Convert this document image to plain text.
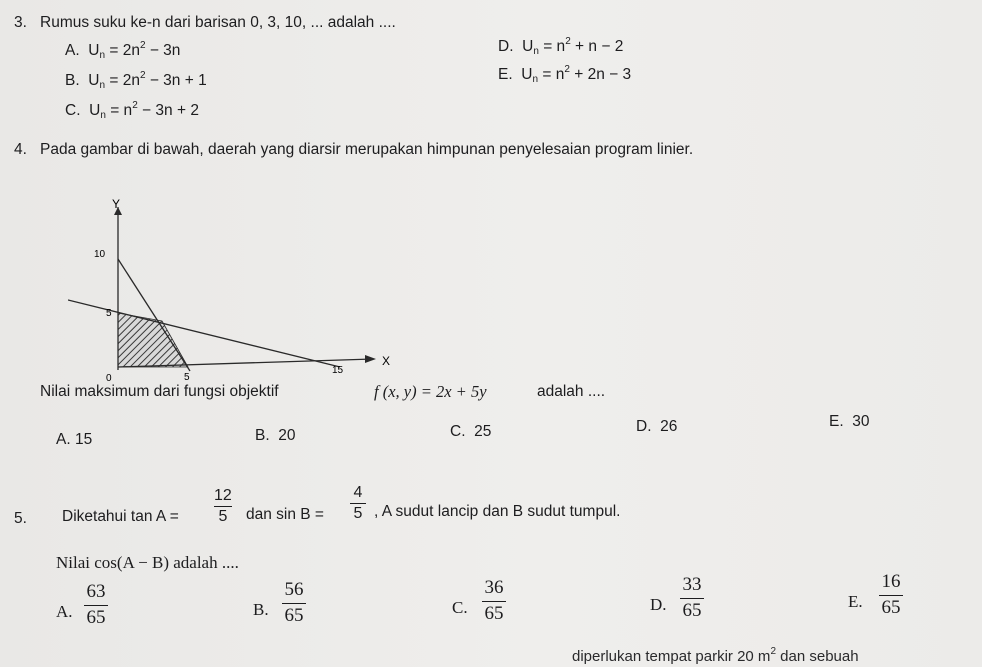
3. Rumus suku ke-n dari barisan 0, 3, 10, ... adalah ....
A. $U_n = 2n^2 - 3n$
B. $U_n = 2n^2 - 3n + 1$
C. $U_n = n^2 - 3n + 2$
D. $U_n = n^2 + n - 2$
E. $U_n = n^2 + 2n - 3$
4. Pada gambar di bawah, daerah yang diarsir merupakan himpunan penyelesaian program linier.
Y
X
10
5
0	5
15
Nilai maksimum dari fungsi objektif	f (x, y) = 2x + 5y	adalah ....
A. 15	B. 20	C. 25	D. 26	E. 30
5. Diketahui tan A =
12
5 dan sin B =
4
5 , A sudut lancip dan B sudut tumpul.
Nilai cos(A − B) adalah ....
A.
63
65	B.
56
65	C.
36
65	D.
33
65	E.
16
65
diperlukan tempat parkir 20 $m^2$ dan sebuah
